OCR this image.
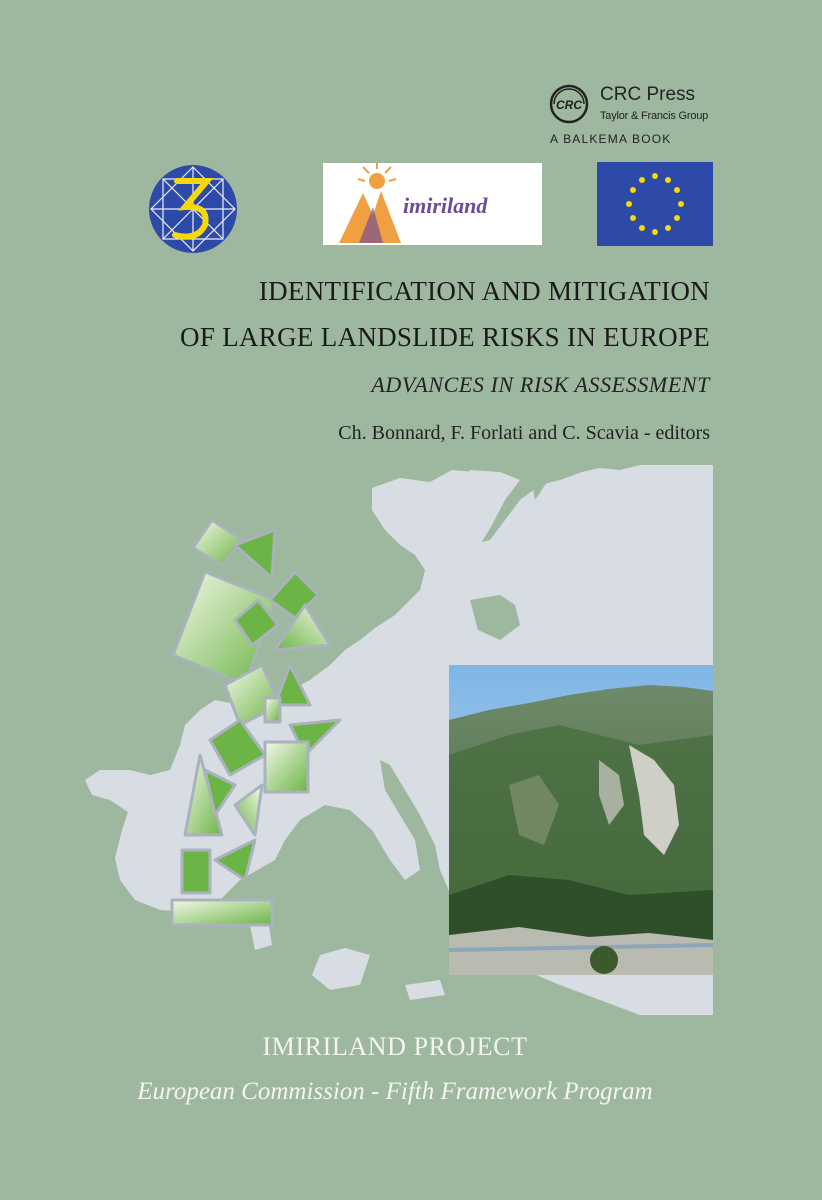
CRC CRC Press
Taylor & Francis Group
A BALKEMA BOOK
imiriland
IDENTIFICATION AND MITIGATION
OF LARGE LANDSLIDE RISKS IN EUROPE
ADVANCES IN RISK ASSESSMENT
Ch. Bonnard, F. Forlati and C. Scavia - editors
IMIRILAND PROJECT
European Commission - Fifth Framework Program
